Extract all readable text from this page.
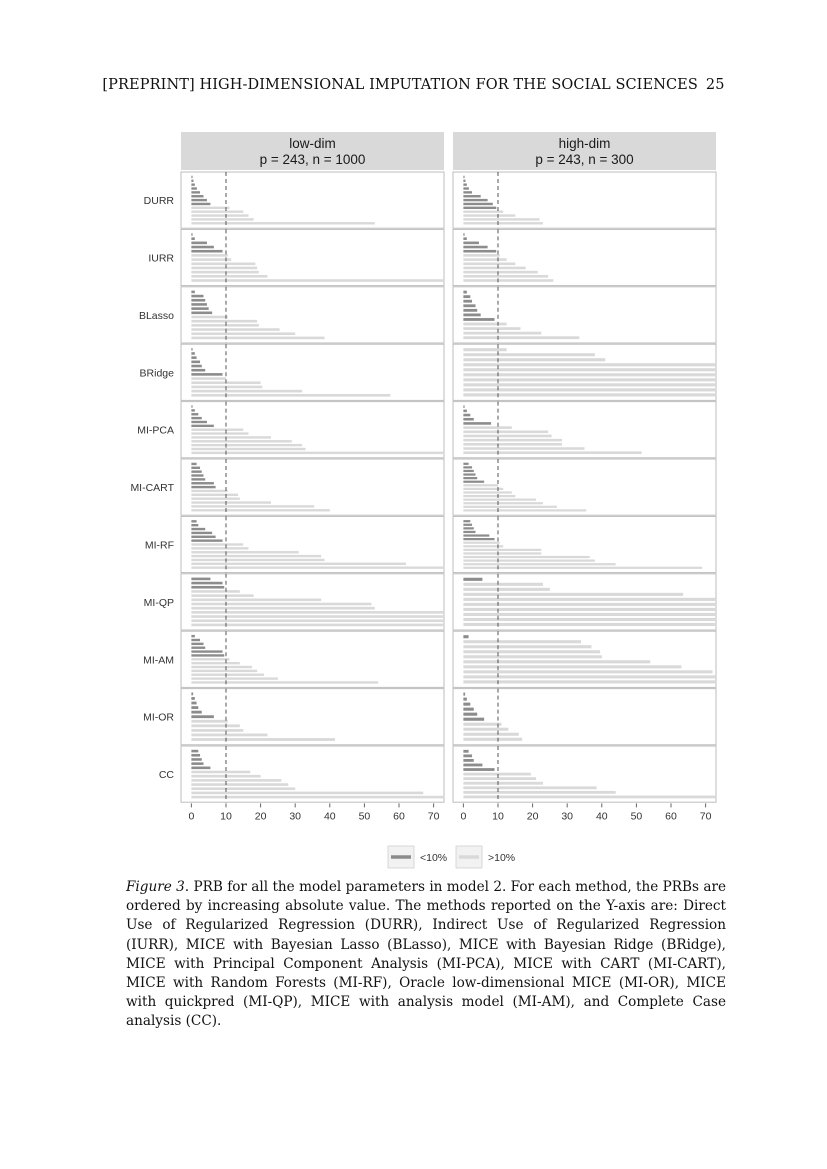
[PREPRINT] HIGH-DIMENSIONAL IMPUTATION FOR THE SOCIAL SCIENCES 25
low-dim
p = 243, n = 1000
high-dim
p = 243, n = 300
DURR
IURR
BLasso
BRidge
MI-PCA
MI-CART
MI-RF
MI-QP
MI-AM
MI-OR
CC
0 10 20 30 40 50 60 70 0 10 20 30 40 50 60 70
<10%	>10%
Figure 3. PRB for all the model parameters in model 2. For each method, the PRBs are ordered by increasing absolute value. The methods reported on the Y-axis are: Direct Use of Regularized Regression (DURR), Indirect Use of Regularized Regression (IURR), MICE with Bayesian Lasso (BLasso), MICE with Bayesian Ridge (BRidge), MICE with Principal Component Analysis (MI-PCA), MICE with CART (MI-CART), MICE with Random Forests (MI-RF), Oracle low-dimensional MICE (MI-OR), MICE with quickpred (MI-QP), MICE with analysis model (MI-AM), and Complete Case analysis (CC).
